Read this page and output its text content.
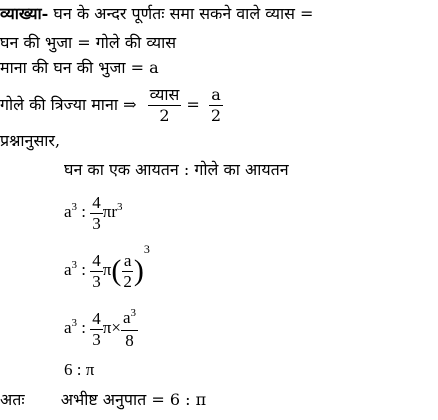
व्याख्या- घन के अन्दर पूर्णतः समा सकने वाले व्यास =
घन की भुजा = गोले की व्यास
माना की घन की भुजा = a
गोले की त्रिज्या माना ⇒ $\frac{\text{व्यास}}{2} = \frac{a}{2}$
प्रश्नानुसार,
घन का एक आयतन : गोले का आयतन
$a^3$ : $\frac{4}{3} \pi r^3$
$a^3$ : $\frac{4}{3} \pi( \frac{a}{2} )^3$
$a^3$ : $\frac{4}{3} \pi\times \frac{a^3}{8}$
6 : π
अतः अभीष्ट अनुपात = 6 : π
